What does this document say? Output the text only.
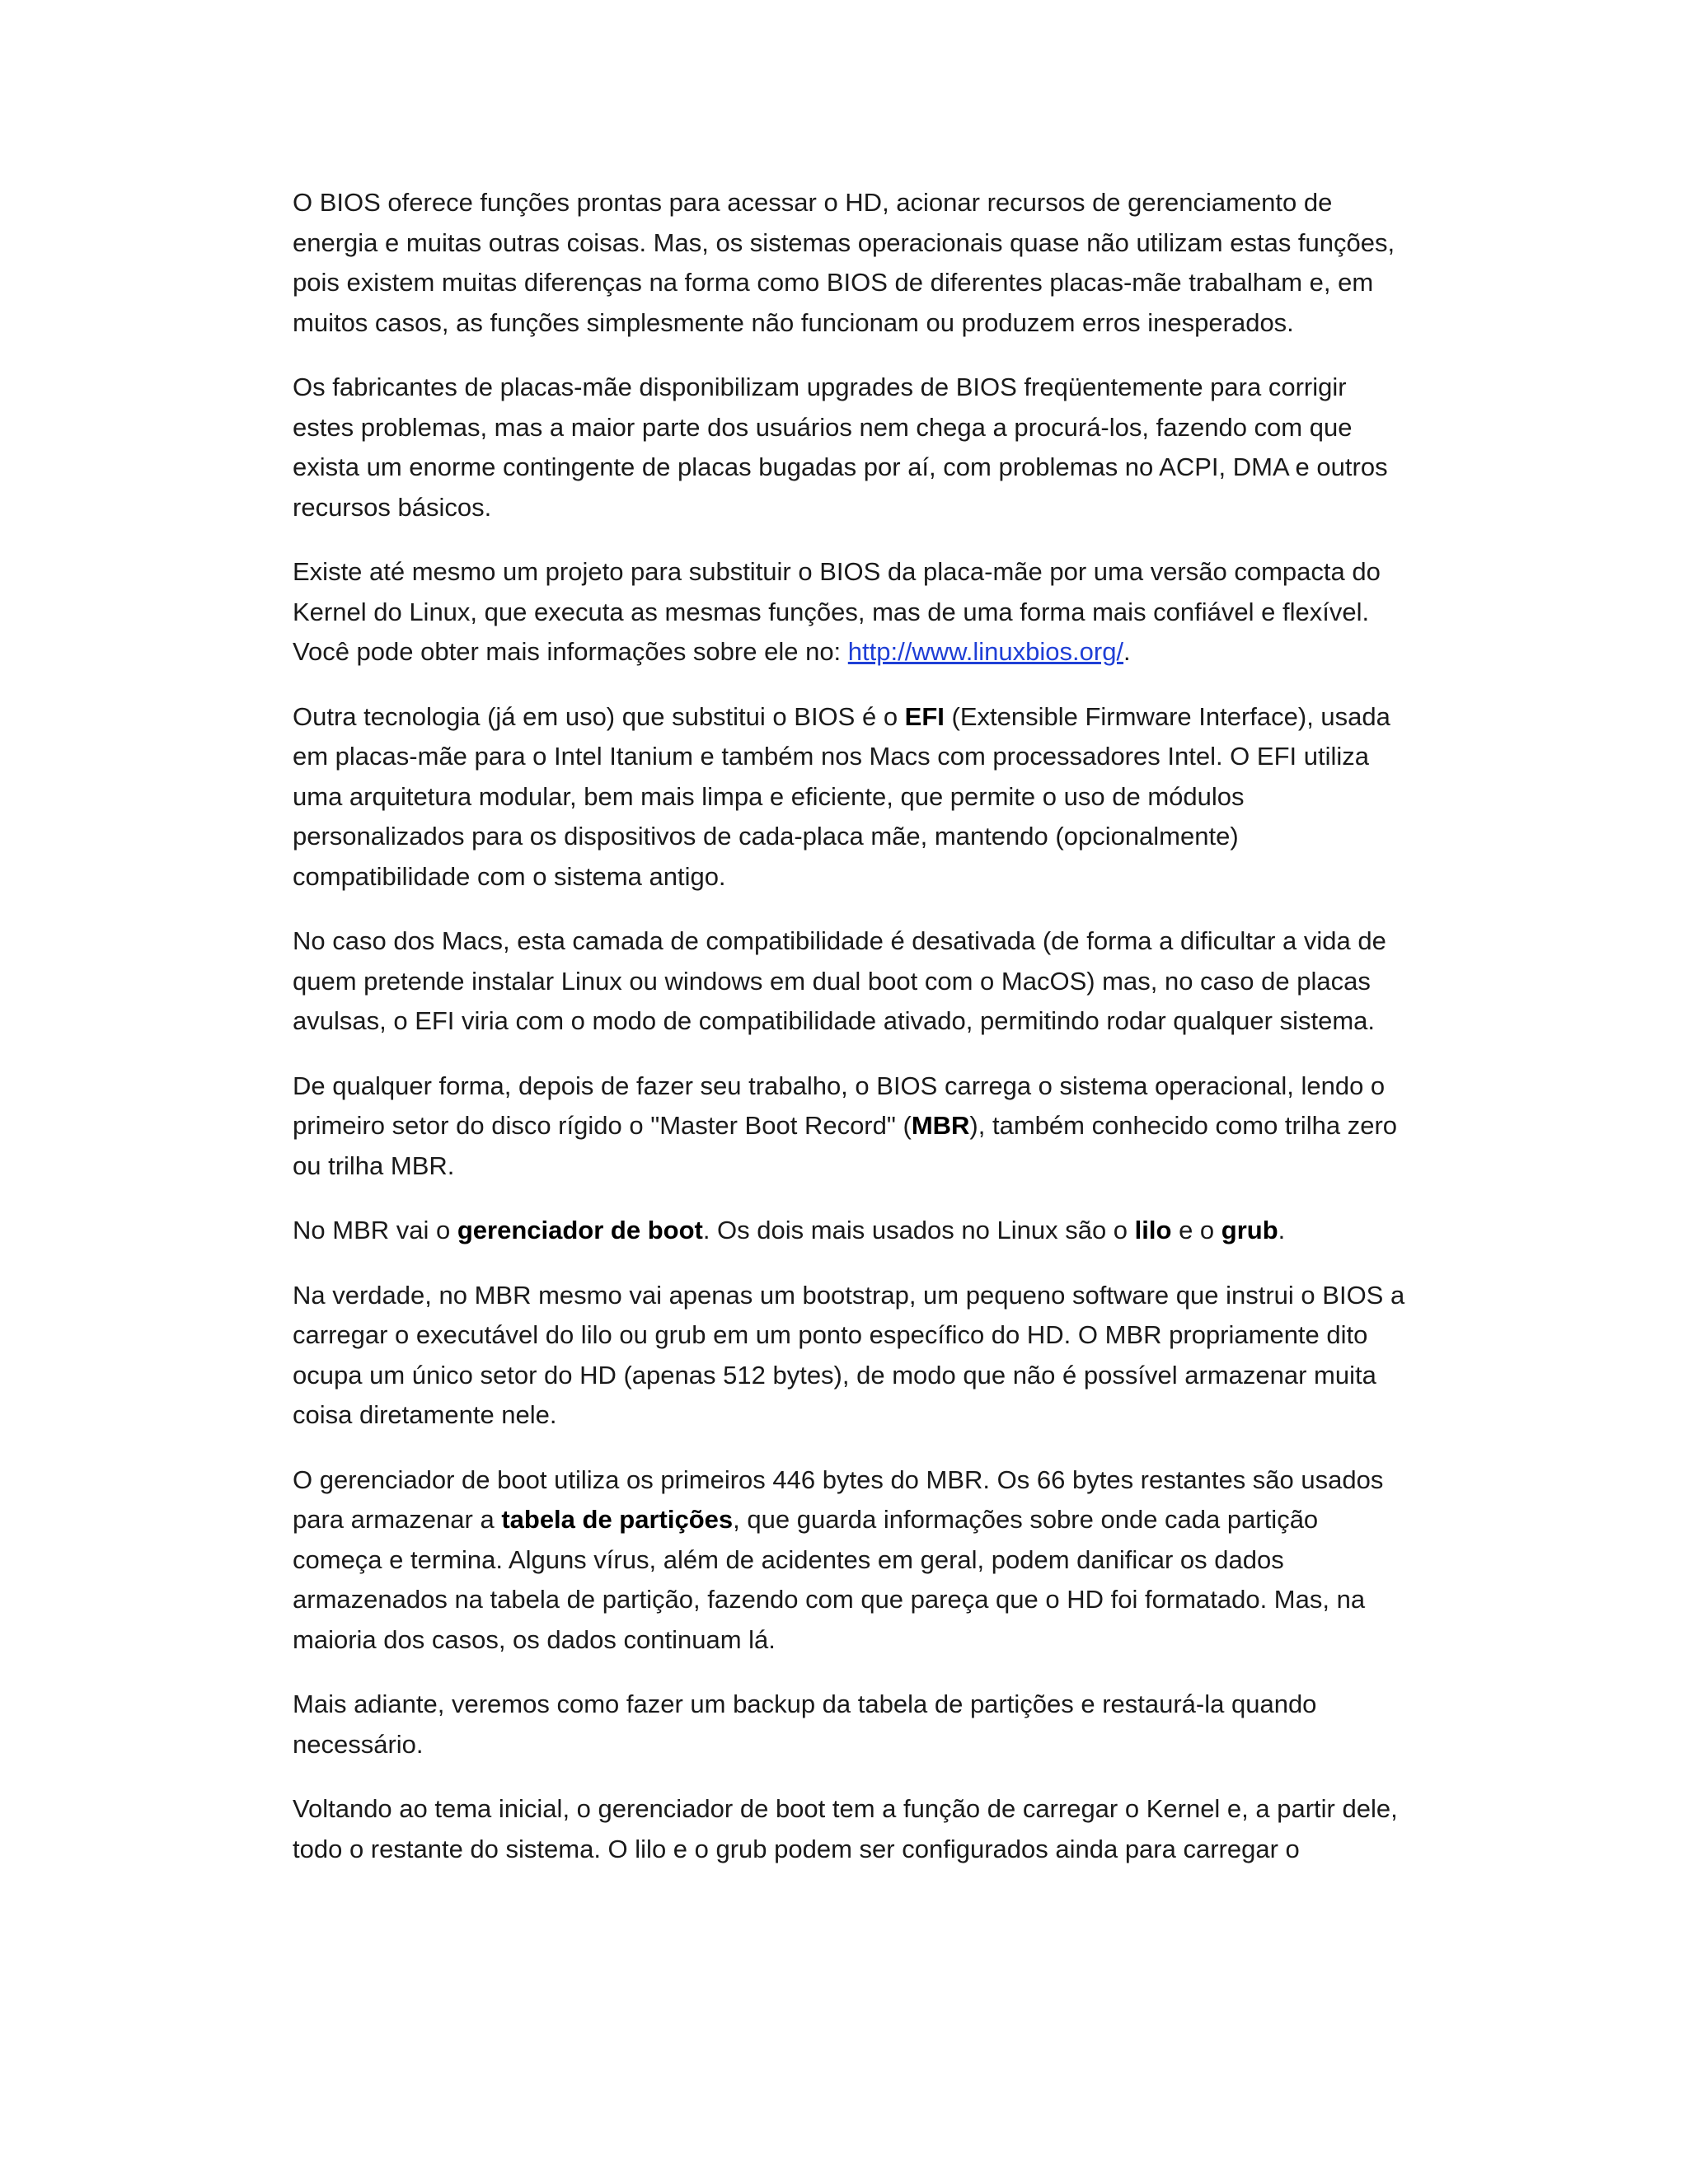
O BIOS oferece funções prontas para acessar o HD, acionar recursos de gerenciamento de energia e muitas outras coisas. Mas, os sistemas operacionais quase não utilizam estas funções, pois existem muitas diferenças na forma como BIOS de diferentes placas-mãe trabalham e, em muitos casos, as funções simplesmente não funcionam ou produzem erros inesperados.

Os fabricantes de placas-mãe disponibilizam upgrades de BIOS freqüentemente para corrigir estes problemas, mas a maior parte dos usuários nem chega a procurá-los, fazendo com que exista um enorme contingente de placas bugadas por aí, com problemas no ACPI, DMA e outros recursos básicos.

Existe até mesmo um projeto para substituir o BIOS da placa-mãe por uma versão compacta do Kernel do Linux, que executa as mesmas funções, mas de uma forma mais confiável e flexível. Você pode obter mais informações sobre ele no: http://www.linuxbios.org/.

Outra tecnologia (já em uso) que substitui o BIOS é o EFI (Extensible Firmware Interface), usada em placas-mãe para o Intel Itanium e também nos Macs com processadores Intel. O EFI utiliza uma arquitetura modular, bem mais limpa e eficiente, que permite o uso de módulos personalizados para os dispositivos de cada-placa mãe, mantendo (opcionalmente) compatibilidade com o sistema antigo.

No caso dos Macs, esta camada de compatibilidade é desativada (de forma a dificultar a vida de quem pretende instalar Linux ou windows em dual boot com o MacOS) mas, no caso de placas avulsas, o EFI viria com o modo de compatibilidade ativado, permitindo rodar qualquer sistema.

De qualquer forma, depois de fazer seu trabalho, o BIOS carrega o sistema operacional, lendo o primeiro setor do disco rígido o "Master Boot Record" (MBR), também conhecido como trilha zero ou trilha MBR.

No MBR vai o gerenciador de boot. Os dois mais usados no Linux são o lilo e o grub.

Na verdade, no MBR mesmo vai apenas um bootstrap, um pequeno software que instrui o BIOS a carregar o executável do lilo ou grub em um ponto específico do HD. O MBR propriamente dito ocupa um único setor do HD (apenas 512 bytes), de modo que não é possível armazenar muita coisa diretamente nele.

O gerenciador de boot utiliza os primeiros 446 bytes do MBR. Os 66 bytes restantes são usados para armazenar a tabela de partições, que guarda informações sobre onde cada partição começa e termina. Alguns vírus, além de acidentes em geral, podem danificar os dados armazenados na tabela de partição, fazendo com que pareça que o HD foi formatado. Mas, na maioria dos casos, os dados continuam lá.

Mais adiante, veremos como fazer um backup da tabela de partições e restaurá-la quando necessário.

Voltando ao tema inicial, o gerenciador de boot tem a função de carregar o Kernel e, a partir dele, todo o restante do sistema. O lilo e o grub podem ser configurados ainda para carregar o
